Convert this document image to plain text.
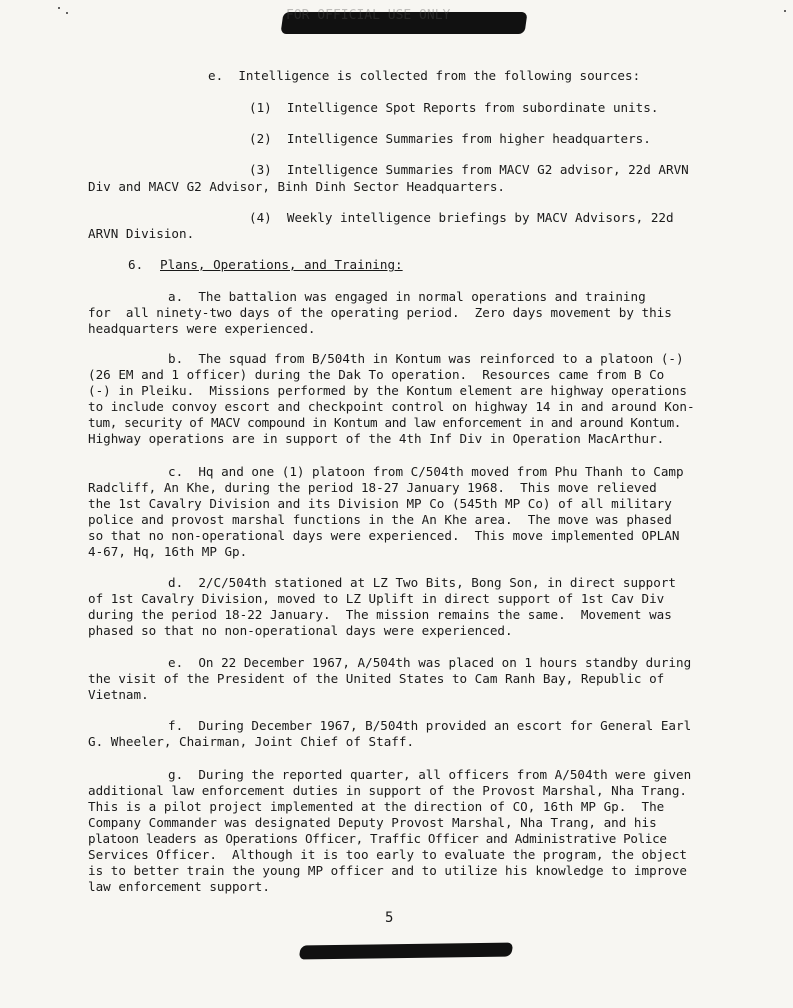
FOR OFFICIAL USE ONLY
e.  Intelligence is collected from the following sources:
(1)  Intelligence Spot Reports from subordinate units.
(2)  Intelligence Summaries from higher headquarters.
(3)  Intelligence Summaries from MACV G2 advisor, 22d ARVN
Div and MACV G2 Advisor, Binh Dinh Sector Headquarters.
(4)  Weekly intelligence briefings by MACV Advisors, 22d
ARVN Division.
6. Plans, Operations, and Training:
a.  The battalion was engaged in normal operations and training
for  all ninety-two days of the operating period.  Zero days movement by this
headquarters were experienced.
b.  The squad from B/504th in Kontum was reinforced to a platoon (-)
(26 EM and 1 officer) during the Dak To operation.  Resources came from B Co
(-) in Pleiku.  Missions performed by the Kontum element are highway operations
to include convoy escort and checkpoint control on highway 14 in and around Kon-
tum, security of MACV compound in Kontum and law enforcement in and around Kontum.
Highway operations are in support of the 4th Inf Div in Operation MacArthur.
c.  Hq and one (1) platoon from C/504th moved from Phu Thanh to Camp
Radcliff, An Khe, during the period 18-27 January 1968.  This move relieved
the 1st Cavalry Division and its Division MP Co (545th MP Co) of all military
police and provost marshal functions in the An Khe area.  The move was phased
so that no non-operational days were experienced.  This move implemented OPLAN
4-67, Hq, 16th MP Gp.
d.  2/C/504th stationed at LZ Two Bits, Bong Son, in direct support
of 1st Cavalry Division, moved to LZ Uplift in direct support of 1st Cav Div
during the period 18-22 January.  The mission remains the same.  Movement was
phased so that no non-operational days were experienced.
e.  On 22 December 1967, A/504th was placed on 1 hours standby during
the visit of the President of the United States to Cam Ranh Bay, Republic of
Vietnam.
f.  During December 1967, B/504th provided an escort for General Earl
G. Wheeler, Chairman, Joint Chief of Staff.
g.  During the reported quarter, all officers from A/504th were given
additional law enforcement duties in support of the Provost Marshal, Nha Trang.
This is a pilot project implemented at the direction of CO, 16th MP Gp.  The
Company Commander was designated Deputy Provost Marshal, Nha Trang, and his
platoon leaders as Operations Officer, Traffic Officer and Administrative Police
Services Officer.  Although it is too early to evaluate the program, the object
is to better train the young MP officer and to utilize his knowledge to improve
law enforcement support.
5
